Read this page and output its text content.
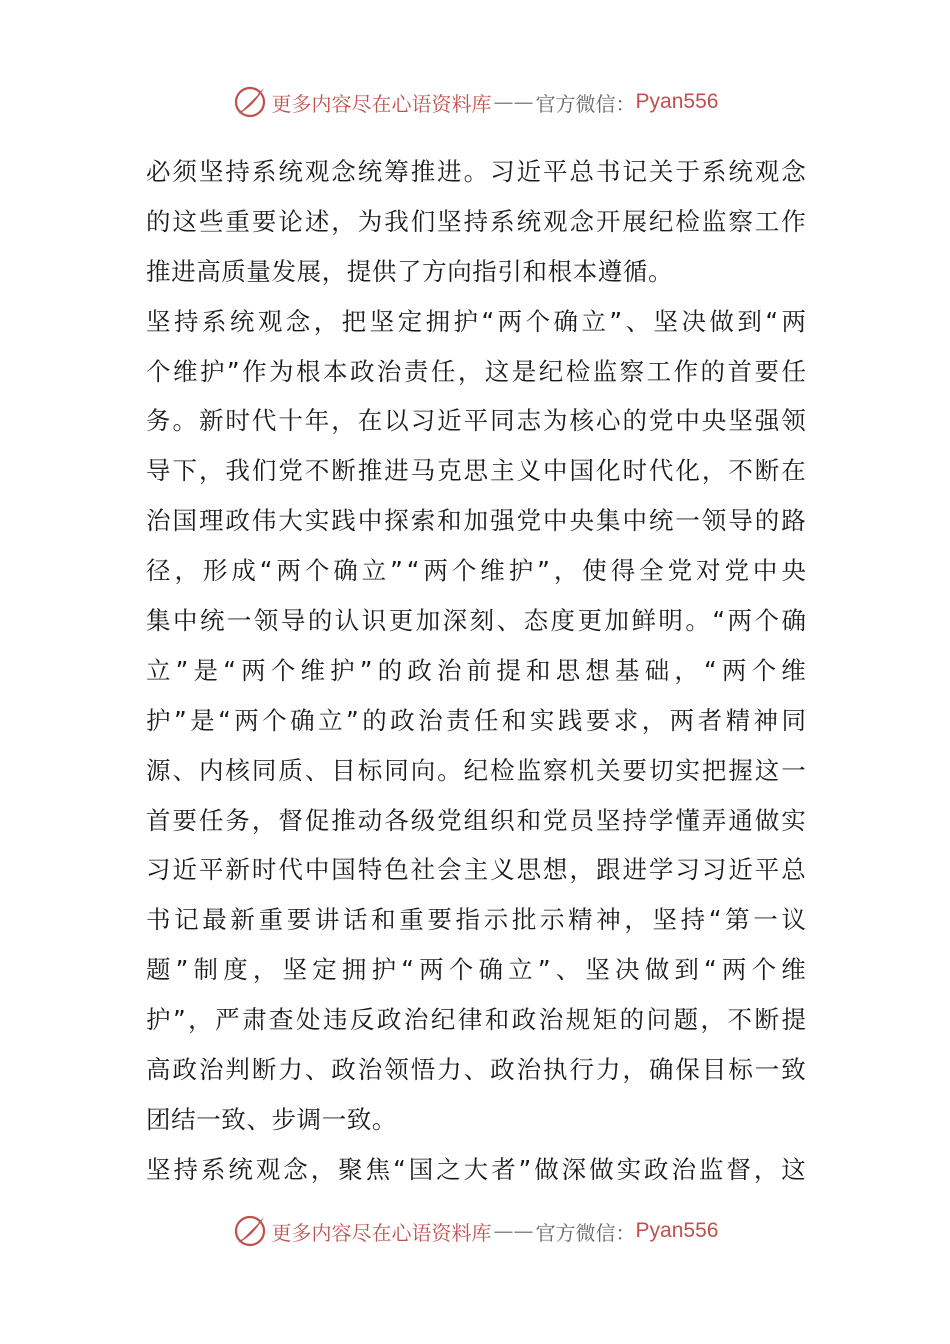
更多内容尽在心语资料库 —— 官方微信： Pyan556
必 须 坚 持 系 统 观 念 统 筹 推 进 。 习 近 平 总 书 记 关 于 系 统 观 念
的 这 些 重 要 论 述 ， 为 我 们 坚 持 系 统 观 念 开 展 纪 检 监 察 工 作
推进高质量发展，提供了方向指引和根本遵循。
坚 持 系 统 观 念 ， 把 坚 定 拥 护 “ 两 个 确 立 ” 、 坚 决 做 到 “ 两
个 维 护 ” 作 为 根 本 政 治 责 任 ， 这 是 纪 检 监 察 工 作 的 首 要 任
务 。 新 时 代 十 年 ， 在 以 习 近 平 同 志 为 核 心 的 党 中 央 坚 强 领
导 下 ， 我 们 党 不 断 推 进 马 克 思 主 义 中 国 化 时 代 化 ， 不 断 在
治 国 理 政 伟 大 实 践 中 探 索 和 加 强 党 中 央 集 中 统 一 领 导 的 路
径 ， 形 成 “ 两 个 确 立 ” “ 两 个 维 护 ” ， 使 得 全 党 对 党 中 央
集 中 统 一 领 导 的 认 识 更 加 深 刻 、 态 度 更 加 鲜 明 。 “ 两 个 确
立 ” 是 “ 两 个 维 护 ” 的 政 治 前 提 和 思 想 基 础 ， “ 两 个 维
护 ” 是 “ 两 个 确 立 ” 的 政 治 责 任 和 实 践 要 求 ， 两 者 精 神 同
源 、 内 核 同 质 、 目 标 同 向 。 纪 检 监 察 机 关 要 切 实 把 握 这 一
首 要 任 务 ， 督 促 推 动 各 级 党 组 织 和 党 员 坚 持 学 懂 弄 通 做 实
习 近 平 新 时 代 中 国 特 色 社 会 主 义 思 想 ， 跟 进 学 习 习 近 平 总
书 记 最 新 重 要 讲 话 和 重 要 指 示 批 示 精 神 ， 坚 持 “ 第 一 议
题 ” 制 度 ， 坚 定 拥 护 “ 两 个 确 立 ” 、 坚 决 做 到 “ 两 个 维
护 ” ， 严 肃 查 处 违 反 政 治 纪 律 和 政 治 规 矩 的 问 题 ， 不 断 提
高 政 治 判 断 力 、 政 治 领 悟 力 、 政 治 执 行 力 ， 确 保 目 标 一 致
团结一致、步调一致。
坚 持 系 统 观 念 ， 聚 焦 “ 国 之 大 者 ” 做 深 做 实 政 治 监 督 ， 这
更多内容尽在心语资料库 —— 官方微信： Pyan556
